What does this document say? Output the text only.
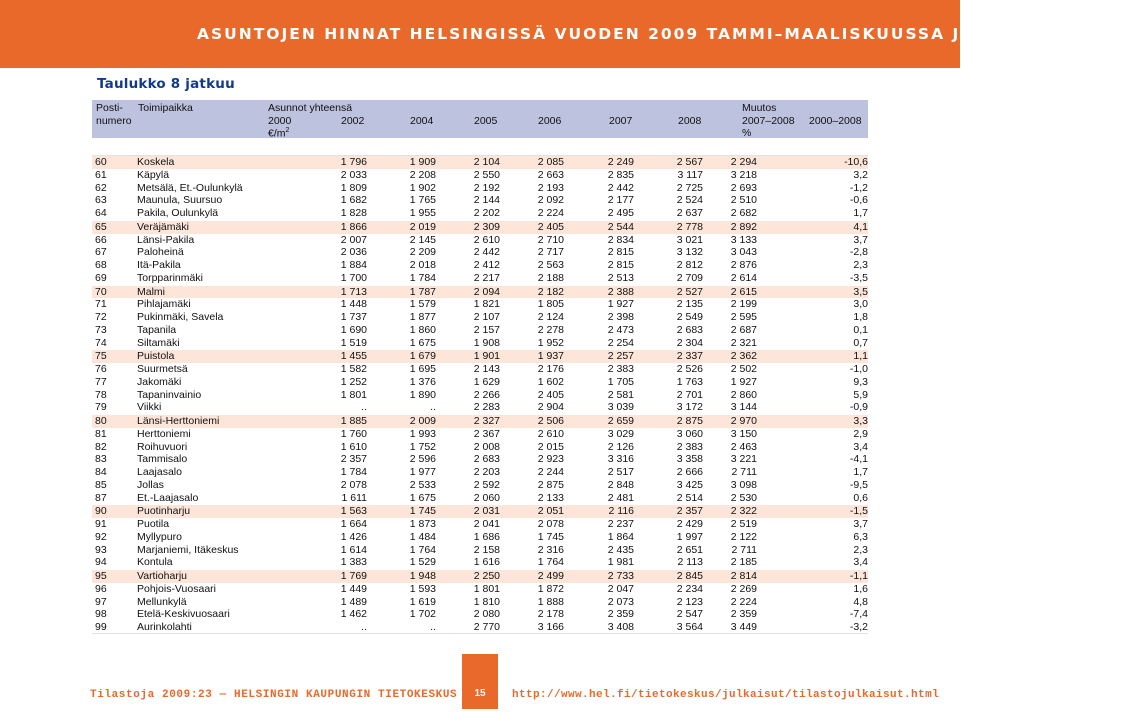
ASUNTOJEN HINNAT HELSINGISSÄ VUODEN 2009 TAMMI–MAALISKUUSSA JA VUONNA 2008
Taulukko 8 jatkuu
Posti-
numero
Toimipaikka	Asunnot yhteensä
2000	2002	2004	2005	2006	2007	2008
$€/m^2$
Muutos
2007–2008 2000–2008
%
60	Koskela		1 796	1 909	2 104	2 085	2 249	2 567	2 294	-10,6	
61	Käpylä		2 033	2 208	2 550	2 663	2 835	3 117	3 218	3,2	
62	Metsälä, Et.-Oulunkylä		1 809	1 902	2 192	2 193	2 442	2 725	2 693	-1,2	
63	Maunula, Suursuo		1 682	1 765	2 144	2 092	2 177	2 524	2 510	-0,6	
64	Pakila, Oulunkylä		1 828	1 955	2 202	2 224	2 495	2 637	2 682	1,7	
65	Veräjämäki		1 866	2 019	2 309	2 405	2 544	2 778	2 892	4,1	
66	Länsi-Pakila		2 007	2 145	2 610	2 710	2 834	3 021	3 133	3,7	
67	Paloheinä		2 036	2 209	2 442	2 717	2 815	3 132	3 043	-2,8	
68	Itä-Pakila		1 884	2 018	2 412	2 563	2 815	2 812	2 876	2,3	
69	Torpparinmäki		1 700	1 784	2 217	2 188	2 513	2 709	2 614	-3,5	
70	Malmi		1 713	1 787	2 094	2 182	2 388	2 527	2 615	3,5	
71	Pihlajamäki		1 448	1 579	1 821	1 805	1 927	2 135	2 199	3,0	
72	Pukinmäki, Savela		1 737	1 877	2 107	2 124	2 398	2 549	2 595	1,8	
73	Tapanila		1 690	1 860	2 157	2 278	2 473	2 683	2 687	0,1	
74	Siltamäki		1 519	1 675	1 908	1 952	2 254	2 304	2 321	0,7	
75	Puistola		1 455	1 679	1 901	1 937	2 257	2 337	2 362	1,1	
76	Suurmetsä		1 582	1 695	2 143	2 176	2 383	2 526	2 502	-1,0	
77	Jakomäki		1 252	1 376	1 629	1 602	1 705	1 763	1 927	9,3	
78	Tapaninvainio		1 801	1 890	2 266	2 405	2 581	2 701	2 860	5,9	
79	Viikki		..	..	2 283	2 904	3 039	3 172	3 144	-0,9	
80	Länsi-Herttoniemi		1 885	2 009	2 327	2 506	2 659	2 875	2 970	3,3	
81	Herttoniemi		1 760	1 993	2 367	2 610	3 029	3 060	3 150	2,9	
82	Roihuvuori		1 610	1 752	2 008	2 015	2 126	2 383	2 463	3,4	
83	Tammisalo		2 357	2 596	2 683	2 923	3 316	3 358	3 221	-4,1	
84	Laajasalo		1 784	1 977	2 203	2 244	2 517	2 666	2 711	1,7	
85	Jollas		2 078	2 533	2 592	2 875	2 848	3 425	3 098	-9,5	
87	Et.-Laajasalo		1 611	1 675	2 060	2 133	2 481	2 514	2 530	0,6	
90	Puotinharju		1 563	1 745	2 031	2 051	2 116	2 357	2 322	-1,5	
91	Puotila		1 664	1 873	2 041	2 078	2 237	2 429	2 519	3,7	
92	Myllypuro		1 426	1 484	1 686	1 745	1 864	1 997	2 122	6,3	
93	Marjaniemi, Itäkeskus		1 614	1 764	2 158	2 316	2 435	2 651	2 711	2,3	
94	Kontula		1 383	1 529	1 616	1 764	1 981	2 113	2 185	3,4	
95	Vartioharju		1 769	1 948	2 250	2 499	2 733	2 845	2 814	-1,1	
96	Pohjois-Vuosaari		1 449	1 593	1 801	1 872	2 047	2 234	2 269	1,6	
97	Mellunkylä		1 489	1 619	1 810	1 888	2 073	2 123	2 224	4,8	
98	Etelä-Keskivuosaari		1 462	1 702	2 080	2 178	2 359	2 547	2 359	-7,4	
99	Aurinkolahti		..	..	2 770	3 166	3 408	3 564	3 449	-3,2	
Tilastoja 2009:23 — HELSINGIN KAUPUNGIN TIETOKESKUS	15	http://www.hel.fi/tietokeskus/julkaisut/tilastojulkaisut.html
